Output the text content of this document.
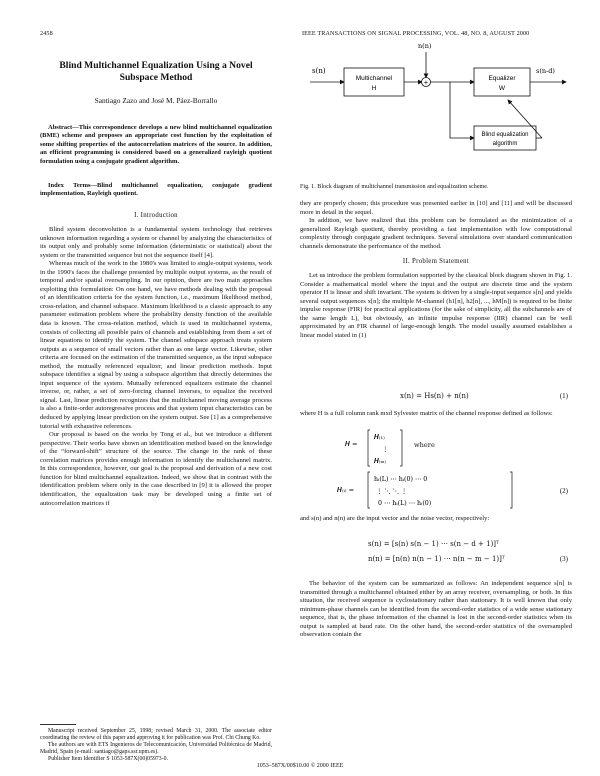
2458	IEEE TRANSACTIONS ON SIGNAL PROCESSING, VOL. 48, NO. 8, AUGUST 2000
Blind Multichannel Equalization Using a Novel Subspace Method
Santiago Zazo and José M. Páez-Borrallo
Abstract—This correspondence develops a new blind multichannel equalization (BME) scheme and proposes an appropriate cost function by the exploitation of some shifting properties of the autocorrelation matrices of the source. In addition, an efficient programming is considered based on a generalized rayleigh quotient formulation using a conjugate gradient algorithm.
Index Terms—Blind multichannel equalization, conjugate gradient implementation, Rayleigh quotient.
I. Introduction

Blind system deconvolution is a fundamental system technology that retrieves unknown information regarding a system or channel by analyzing the characteristics of its output only and probably some information (deterministic or statistical) about the system or the transmitted sequence but not the sequence itself [4].

Whereas much of the work in the 1980's was limited to single-output systems, work in the 1990's faces the challenge presented by multiple output systems, as the result of temporal and/or spatial oversampling. In our opinion, there are two main approaches exploiting this formulation: On one hand, we have methods dealing with the proposal of an identification criteria for the system function, i.e., maximum likelihood method, cross-relation, and channel subspace. Maximum likelihood is a classic approach to any parameter estimation problem where the probability density function of the available data is known. The cross-relation method, which is used in multichannel systems, consists of collecting all possible pairs of channels and establishing from them a set of linear equations to identify the system. The channel subspace approach treats system outputs as a sequence of small vectors rather than as one large vector. Likewise, other criteria are focused on the estimation of the transmitted sequence, as the input subspace method, the mutually referenced equalizer, and linear prediction methods. Input subspace identifies a signal by using a subspace algorithm that directly determines the input sequence of the system. Mutually referenced equalizers estimate the channel inverse, or, rather, a set of zero-forcing channel inverses, to equalize the received signal. Last, linear prediction recognizes that the multichannel moving average process is also a finite-order autoregressive process and that system input characteristics can be deduced by applying linear prediction on the system output. See [1] as a comprehensive tutorial with exhaustive references.

Our proposal is based on the works by Tong et al., but we introduce a different perspective. Their works have shown an identification method based on the knowledge of the “forward-shift” structure of the source. The change in the rank of these correlation matrices provides enough information to identify the multichannel matrix. In this correspondence, however, our goal is the proposal and derivation of a new cost function for blind multichannel equalization. Indeed, we show that in contrast with the identification problem where only in the case described in [9] it is allowed the proper identification, the equalization task may be developed using a finite set of autocorrelation matrices if

Manuscript received September 25, 1998; revised March 31, 2000. The associate editor coordinating the review of this paper and approving it for publication was Prof. Chi Chung Ko.

The authors are with ETS Ingenieros de Telecomunicación, Universidad Politécnica de Madrid, Madrid, Spain (e-mail: santiago@gaps.ssr.upm.es).

Publisher Item Identifier S 1053-587X(00)05973-0.

1053–587X/00$10.00 © 2000 IEEE
s(n)
Multichannel
H
+
n(n)
Equalizer
W
s(n-d)
Blind equalization
algorithm
Fig. 1. Block diagram of multichannel transmission and equalization scheme.

they are properly chosen; this procedure was presented earlier in [10] and [11] and will be discussed more in detail in the sequel.

In addition, we have realized that this problem can be formulated as the minimization of a generalized Rayleigh quotient, thereby providing a fast implementation with low computational complexity through conjugate gradient techniques. Several simulations over standard communication channels demonstrate the performance of the method.

II. Problem Statement

Let us introduce the problem formulation supported by the classical block diagram shown in Fig. 1. Consider a mathematical model where the input and the output are discrete time and the system operator H is linear and shift invariant. The system is driven by a single-input sequence s[n] and yields several output sequences x[n]; the multiple M-channel (h1[n], h2[n], ..., hM[n]) is required to be finite impulse response (FIR) for practical applications (for the sake of simplicity, all the subchannels are of the same length L), but obviously, an infinite impulse response (IIR) channel can be well approximated by an FIR channel of large-enough length. The model usually assumed establishes a linear model stated in (1)

x(n) = Hs(n) + n(n)	(1)

where H is a full column rank mxd Sylvester matrix of the channel response defined as follows:

𝑯 =
𝑯₍₁₎
⋮
𝑯₍ₘ₎
where
𝑯₍ᵢ₎ =
hᵢ(L) ⋯ hᵢ(0) ⋯ 0
⋮ ⋱ ⋱ ⋮
0 ⋯ hᵢ(L) ⋯ hᵢ(0)
(2)

and s(n) and n(n) are the input vector and the noise vector, respectively:

s(n) = [s(n) s(n − 1) ⋯ s(n − d + 1)]ᵀ
n(n) = [n(n) n(n − 1) ⋯ n(n − m − 1)]ᵀ	(3)

The behavior of the system can be summarized as follows: An independent sequence s[n] is transmitted through a multichannel obtained either by an array receiver, oversampling, or both. In this situation, the received sequence is cyclostationary rather than stationary. It is well known that only minimum-phase channels can be identified from the second-order statistics of a wide sense stationary sequence, that is, the phase information of the channel is lost in the second-order statistics when its output is sampled at baud rate. On the other hand, the second-order statistics of the oversampled observation contain the
